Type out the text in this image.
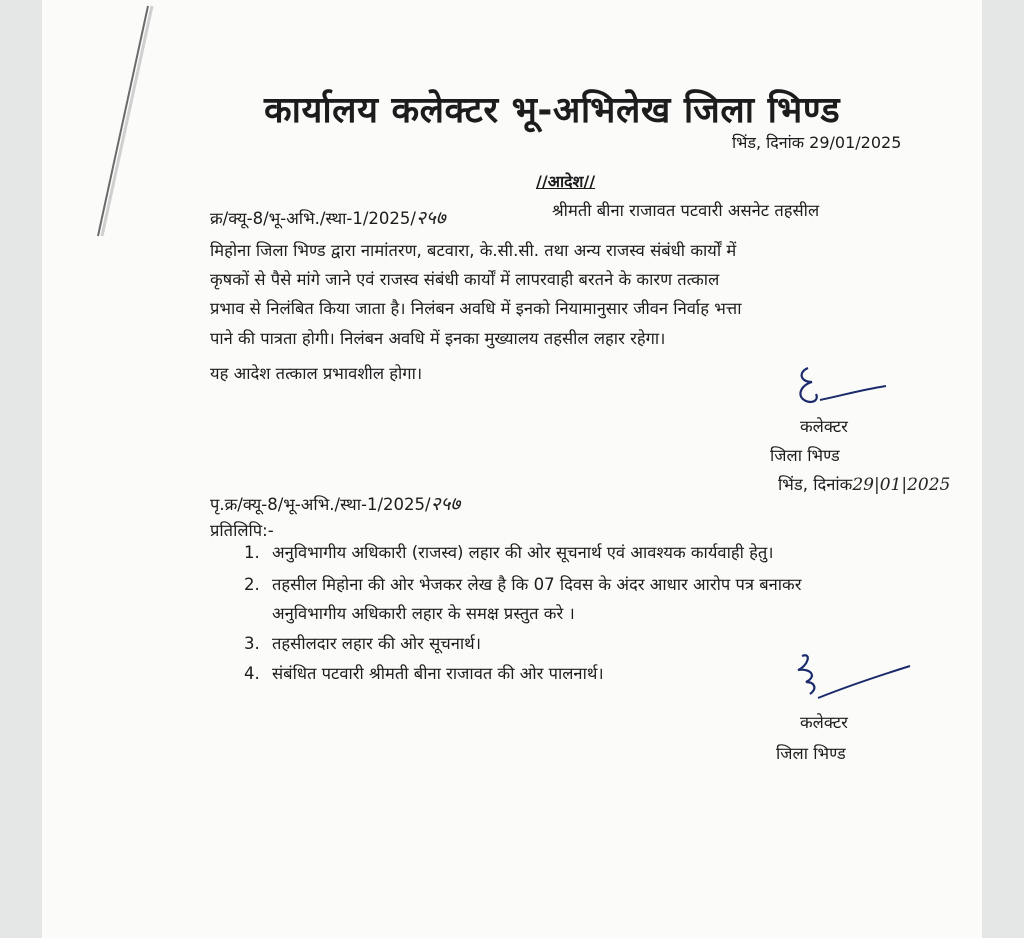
कार्यालय कलेक्टर भू-अभिलेख जिला भिण्ड
भिंड, दिनांक 29/01/2025
//आदेश//
क्र/क्यू-8/भू-अभि./स्था-1/2025/२५७	श्रीमती बीना राजावत पटवारी असनेट तहसील
मिहोना जिला भिण्ड द्वारा नामांतरण, बटवारा, के.सी.सी. तथा अन्य राजस्व संबंधी कार्यों में
कृषकों से पैसे मांगे जाने एवं राजस्व संबंधी कार्यों में लापरवाही बरतने के कारण तत्काल
प्रभाव से निलंबित किया जाता है। निलंबन अवधि में इनको नियामानुसार जीवन निर्वाह भत्ता
पाने की पात्रता होगी। निलंबन अवधि में इनका मुख्यालय तहसील लहार रहेगा।
यह आदेश तत्काल प्रभावशील होगा।
कलेक्टर
जिला भिण्ड
भिंड, दिनांक29|01|2025
पृ.क्र/क्यू-8/भू-अभि./स्था-1/2025/२५७
प्रतिलिपि:-
1. अनुविभागीय अधिकारी (राजस्व) लहार की ओर सूचनार्थ एवं आवश्यक कार्यवाही हेतु।
2. तहसील मिहोना की ओर भेजकर लेख है कि 07 दिवस के अंदर आधार आरोप पत्र बनाकर
अनुविभागीय अधिकारी लहार के समक्ष प्रस्तुत करे ।
3. तहसीलदार लहार की ओर सूचनार्थ।
4. संबंधित पटवारी श्रीमती बीना राजावत की ओर पालनार्थ।
कलेक्टर
जिला भिण्ड
